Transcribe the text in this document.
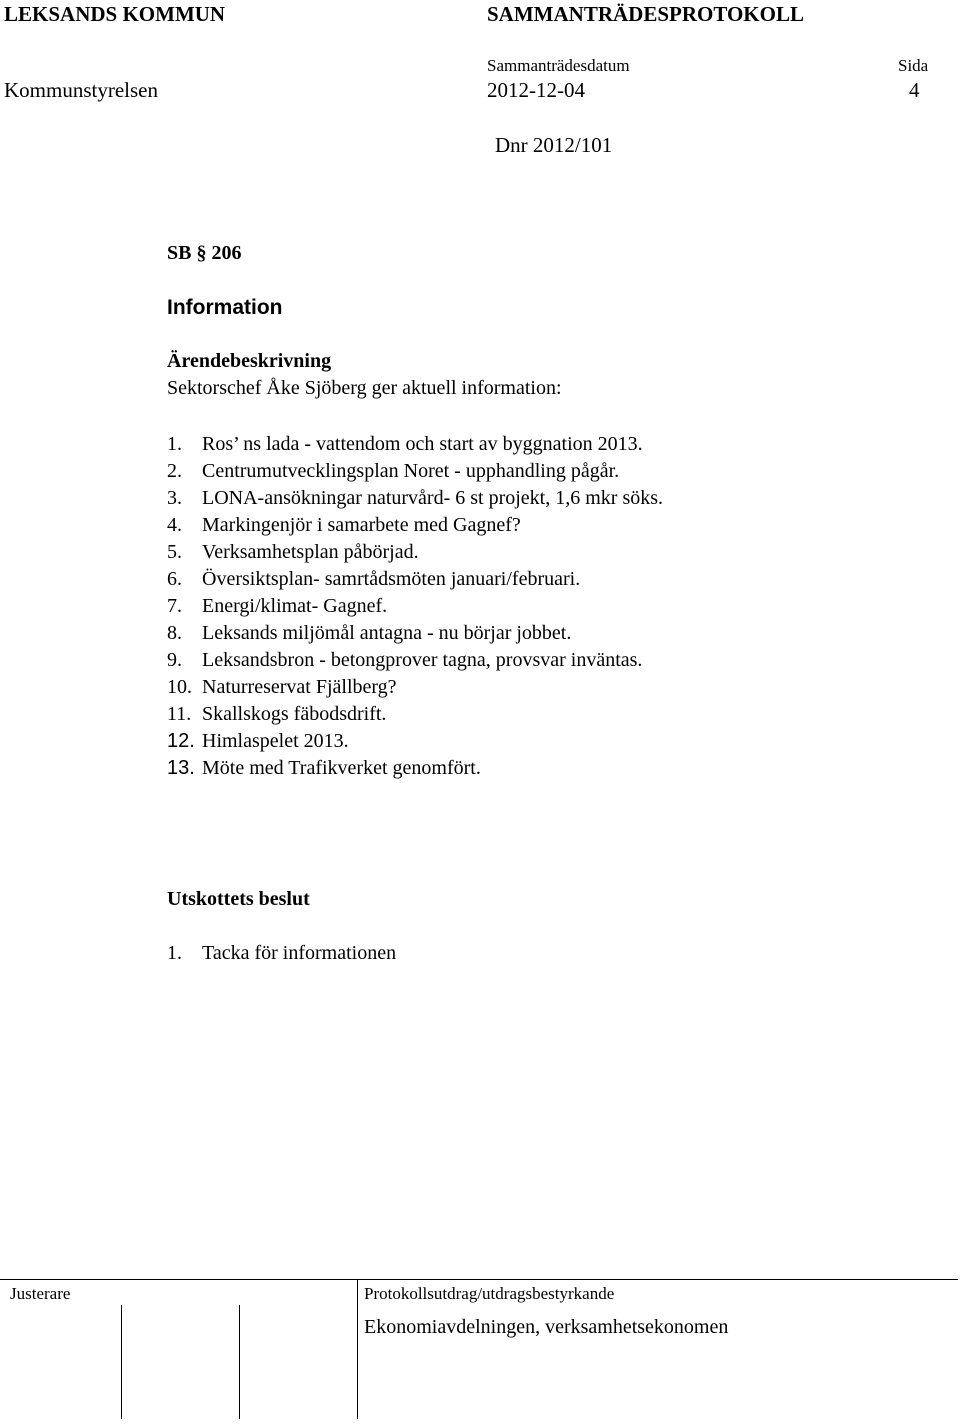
LEKSANDS KOMMUN	SAMMANTRÄDESPROTOKOLL
Sammanträdesdatum	Sida
Kommunstyrelsen	2012-12-04	4
Dnr 2012/101
SB § 206
Information
Ärendebeskrivning
Sektorschef Åke Sjöberg ger aktuell information:
1. Ros’ ns lada - vattendom och start av byggnation 2013.
2. Centrumutvecklingsplan Noret - upphandling pågår.
3. LONA-ansökningar naturvård- 6 st projekt, 1,6 mkr söks.
4. Markingenjör i samarbete med Gagnef?
5. Verksamhetsplan påbörjad.
6. Översiktsplan- samrtådsmöten januari/februari.
7. Energi/klimat- Gagnef.
8. Leksands miljömål antagna - nu börjar jobbet.
9. Leksandsbron - betongprover tagna, provsvar inväntas.
10. Naturreservat Fjällberg?
11. Skallskogs fäbodsdrift.
12. Himlaspelet 2013.
13. Möte med Trafikverket genomfört.
Utskottets beslut
1. Tacka för informationen
Justerare	Protokollsutdrag/utdragsbestyrkande
Ekonomiavdelningen, verksamhetsekonomen
